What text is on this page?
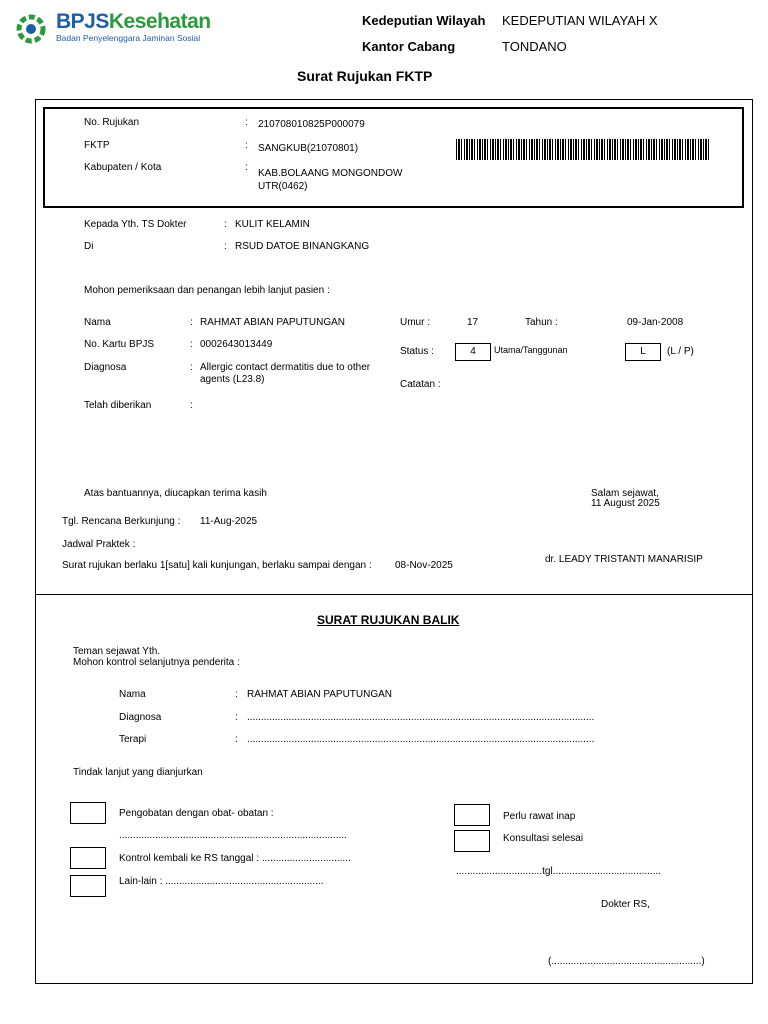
BPJSKesehatan
Badan Penyelenggara Jaminan Sosial
Kedeputian Wilayah KEDEPUTIAN WILAYAH X
Kantor Cabang	TONDANO
Surat Rujukan FKTP
No. Rujukan	: 210708010825P000079
FKTP	: SANGKUB(21070801)
Kabupaten / Kota	:
KAB.BOLAANG MONGONDOW
UTR(0462)
Kepada Yth. TS Dokter	: KULIT KELAMIN
Di	: RSUD DATOE BINANGKANG
Mohon pemeriksaan dan penangan lebih lanjut pasien :
Nama	: RAHMAT ABIAN PAPUTUNGAN
No. Kartu BPJS	: 0002643013449
Diagnosa	: Allergic contact dermatitis due to other
agents (L23.8)
Telah diberikan	:
Umur :	17	Tahun :	09-Jan-2008
Status :	4	Utama/Tanggunan	L	(L / P)
Catatan :
Atas bantuannya, diucapkan terima kasih	Salam sejawat,
11 August 2025
Tgl. Rencana Berkunjung : 11-Aug-2025
Jadwal Praktek :
Surat rujukan berlaku 1[satu] kali kunjungan, berlaku sampai dengan : 08-Nov-2025
dr. LEADY TRISTANTI MANARISIP
SURAT RUJUKAN BALIK
Teman sejawat Yth.
Mohon kontrol selanjutnya penderita :
Nama	: RAHMAT ABIAN PAPUTUNGAN
Diagnosa	: .............................................................................................................................
Terapi	: .............................................................................................................................
Tindak lanjut yang dianjurkan
Pengobatan dengan obat- obatan :
..................................................................................
Kontrol kembali ke RS tanggal : ................................
Lain-lain : .........................................................
Perlu rawat inap
Konsultasi selesai
...............................tgl.......................................
Dokter RS,
(......................................................)
